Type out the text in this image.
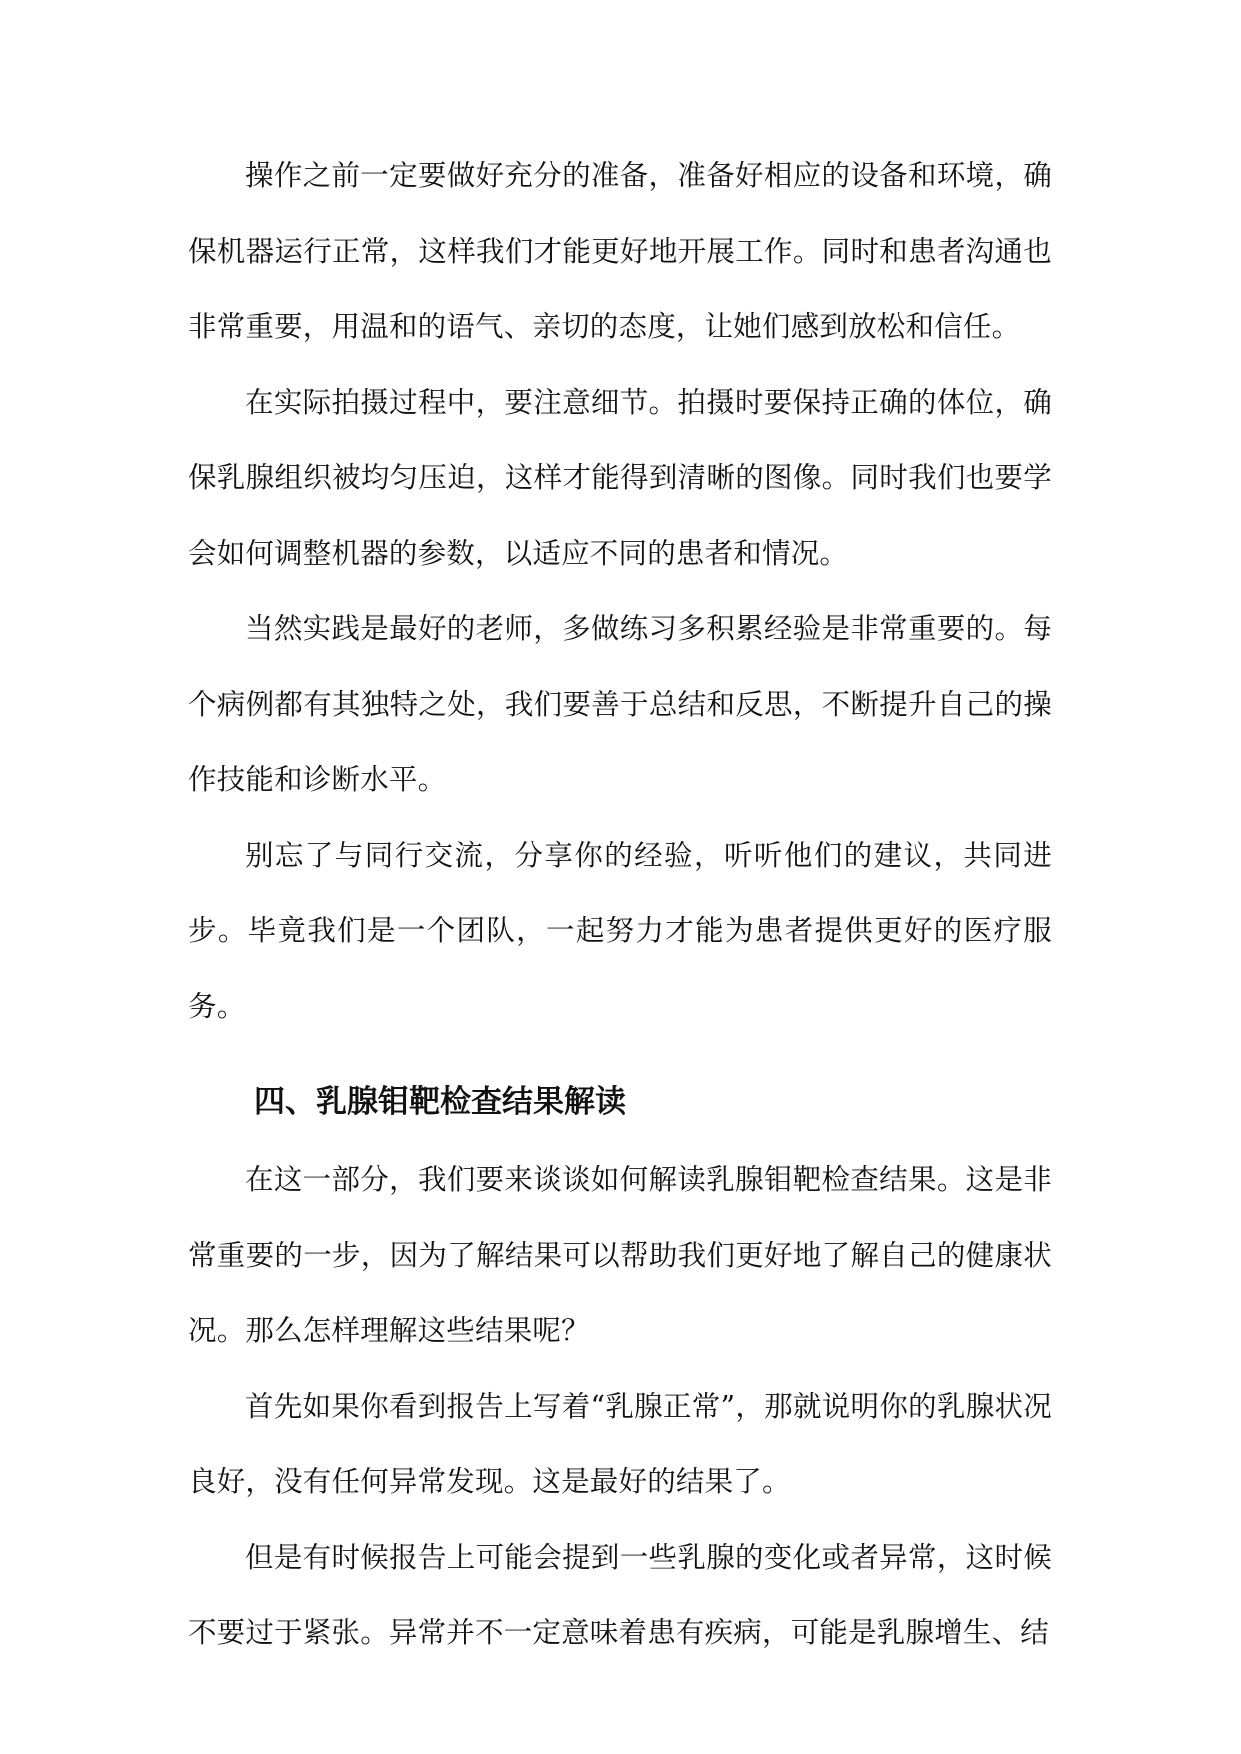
操作之前一定要做好充分的准备，准备好相应的设备和环境，确保机器运行正常，这样我们才能更好地开展工作。同时和患者沟通也非常重要，用温和的语气、亲切的态度，让她们感到放松和信任。

在实际拍摄过程中，要注意细节。拍摄时要保持正确的体位，确保乳腺组织被均匀压迫，这样才能得到清晰的图像。同时我们也要学会如何调整机器的参数，以适应不同的患者和情况。

当然实践是最好的老师，多做练习多积累经验是非常重要的。每个病例都有其独特之处，我们要善于总结和反思，不断提升自己的操作技能和诊断水平。

别忘了与同行交流，分享你的经验，听听他们的建议，共同进步。毕竟我们是一个团队，一起努力才能为患者提供更好的医疗服务。

四、乳腺钼靶检查结果解读

在这一部分，我们要来谈谈如何解读乳腺钼靶检查结果。这是非常重要的一步，因为了解结果可以帮助我们更好地了解自己的健康状况。那么怎样理解这些结果呢？

首先如果你看到报告上写着“乳腺正常”，那就说明你的乳腺状况良好，没有任何异常发现。这是最好的结果了。

但是有时候报告上可能会提到一些乳腺的变化或者异常，这时候不要过于紧张。异常并不一定意味着患有疾病，可能是乳腺增生、结
